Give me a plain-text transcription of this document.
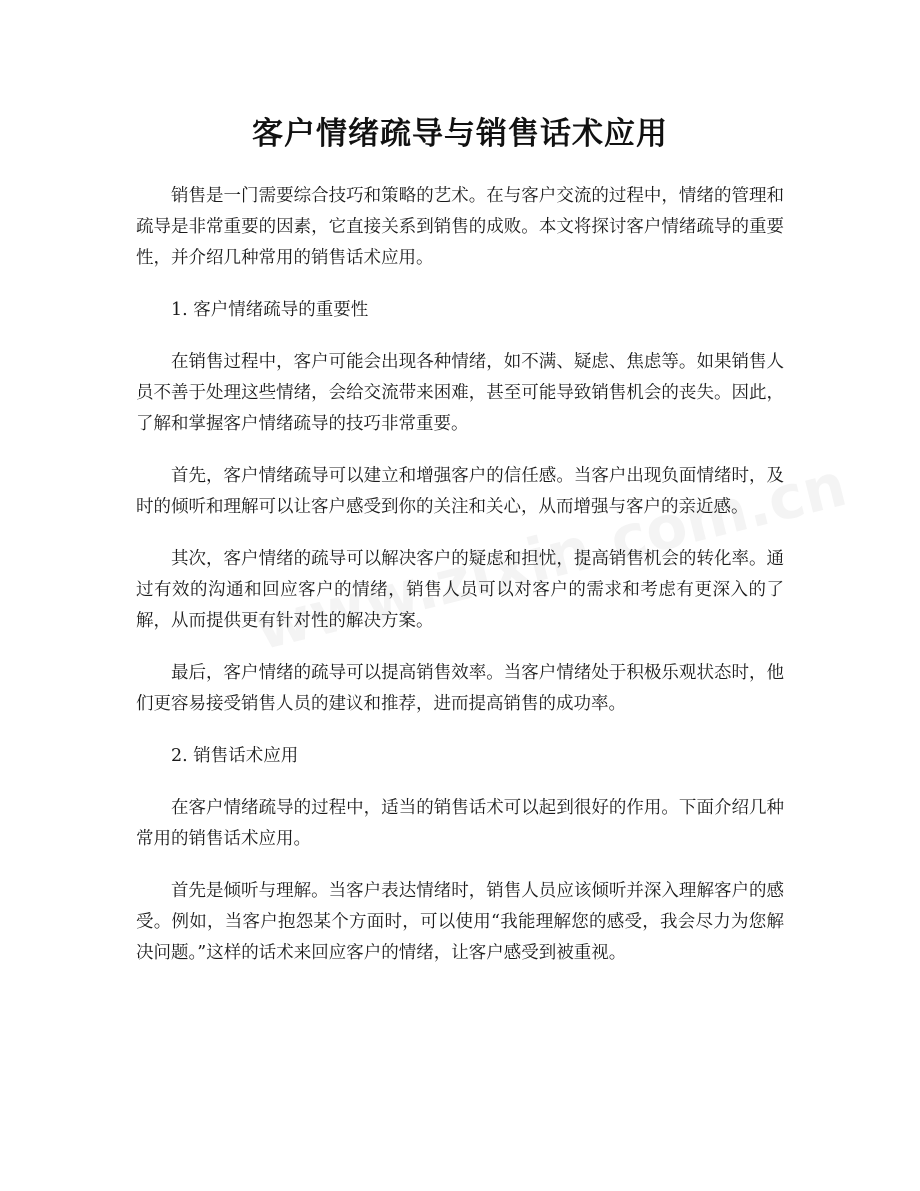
客户情绪疏导与销售话术应用

销售是一门需要综合技巧和策略的艺术。在与客户交流的过程中，情绪的管理和疏导是非常重要的因素，它直接关系到销售的成败。本文将探讨客户情绪疏导的重要性，并介绍几种常用的销售话术应用。

1. 客户情绪疏导的重要性

在销售过程中，客户可能会出现各种情绪，如不满、疑虑、焦虑等。如果销售人员不善于处理这些情绪，会给交流带来困难，甚至可能导致销售机会的丧失。因此，了解和掌握客户情绪疏导的技巧非常重要。

首先，客户情绪疏导可以建立和增强客户的信任感。当客户出现负面情绪时，及时的倾听和理解可以让客户感受到你的关注和关心，从而增强与客户的亲近感。

其次，客户情绪的疏导可以解决客户的疑虑和担忧，提高销售机会的转化率。通过有效的沟通和回应客户的情绪，销售人员可以对客户的需求和考虑有更深入的了解，从而提供更有针对性的解决方案。

最后，客户情绪的疏导可以提高销售效率。当客户情绪处于积极乐观状态时，他们更容易接受销售人员的建议和推荐，进而提高销售的成功率。

2. 销售话术应用

在客户情绪疏导的过程中，适当的销售话术可以起到很好的作用。下面介绍几种常用的销售话术应用。

首先是倾听与理解。当客户表达情绪时，销售人员应该倾听并深入理解客户的感受。例如，当客户抱怨某个方面时，可以使用“我能理解您的感受，我会尽力为您解决问题。”这样的话术来回应客户的情绪，让客户感受到被重视。
